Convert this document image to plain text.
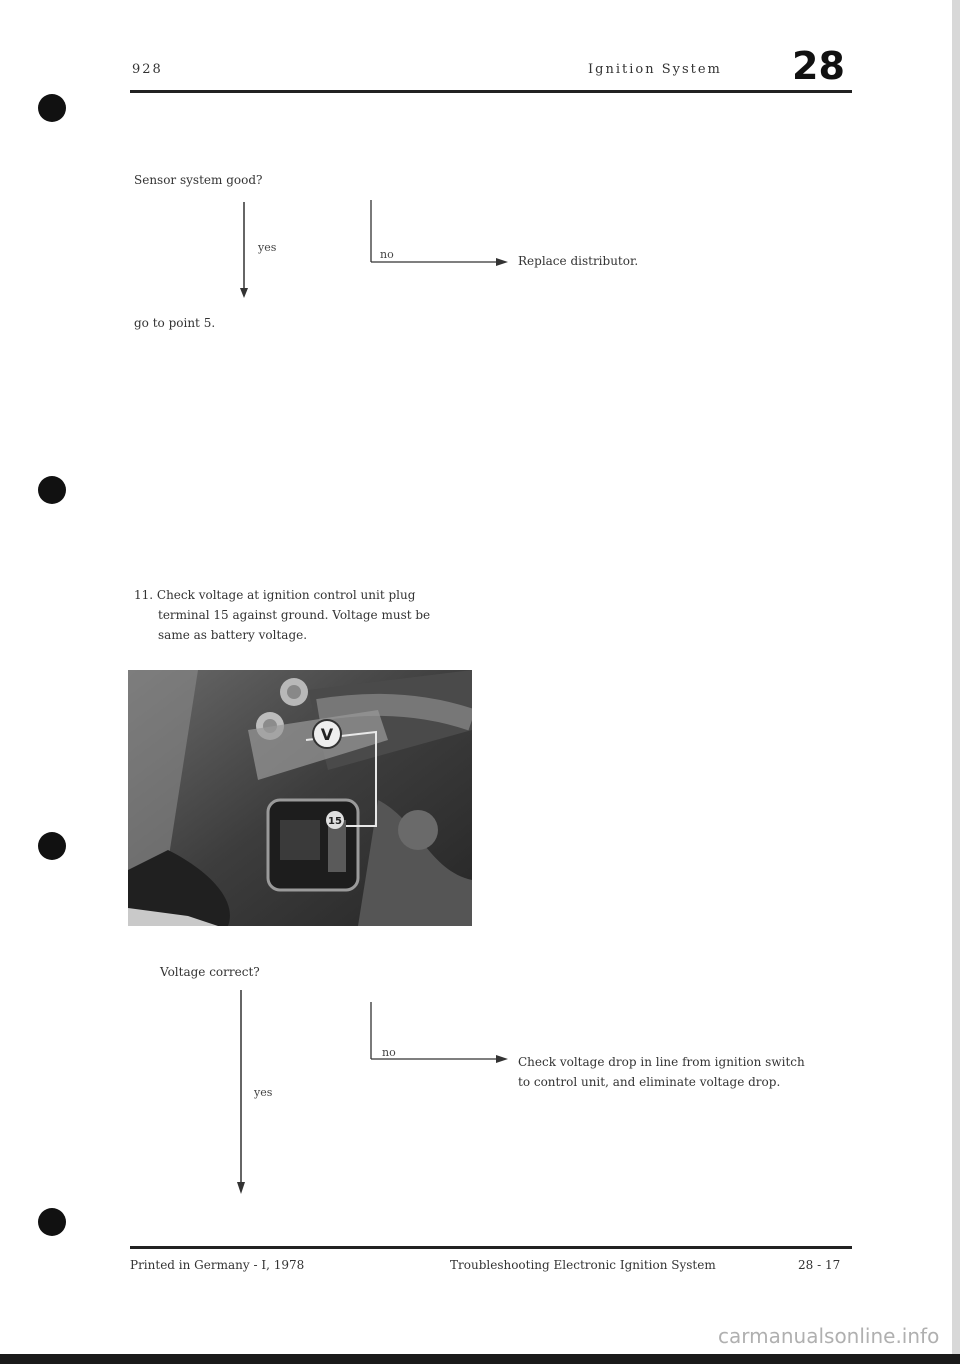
928	Ignition System 28
Sensor system good?
yes
no	Replace distributor.
go to point 5.
11. Check voltage at ignition control unit plug
terminal 15 against ground. Voltage must be
same as battery voltage.
V
15
Voltage correct?
yes
no
Check voltage drop in line from ignition switch
to control unit, and eliminate voltage drop.
Printed in Germany - I, 1978	Troubleshooting Electronic Ignition System	28 - 17
carmanualsonline.info
